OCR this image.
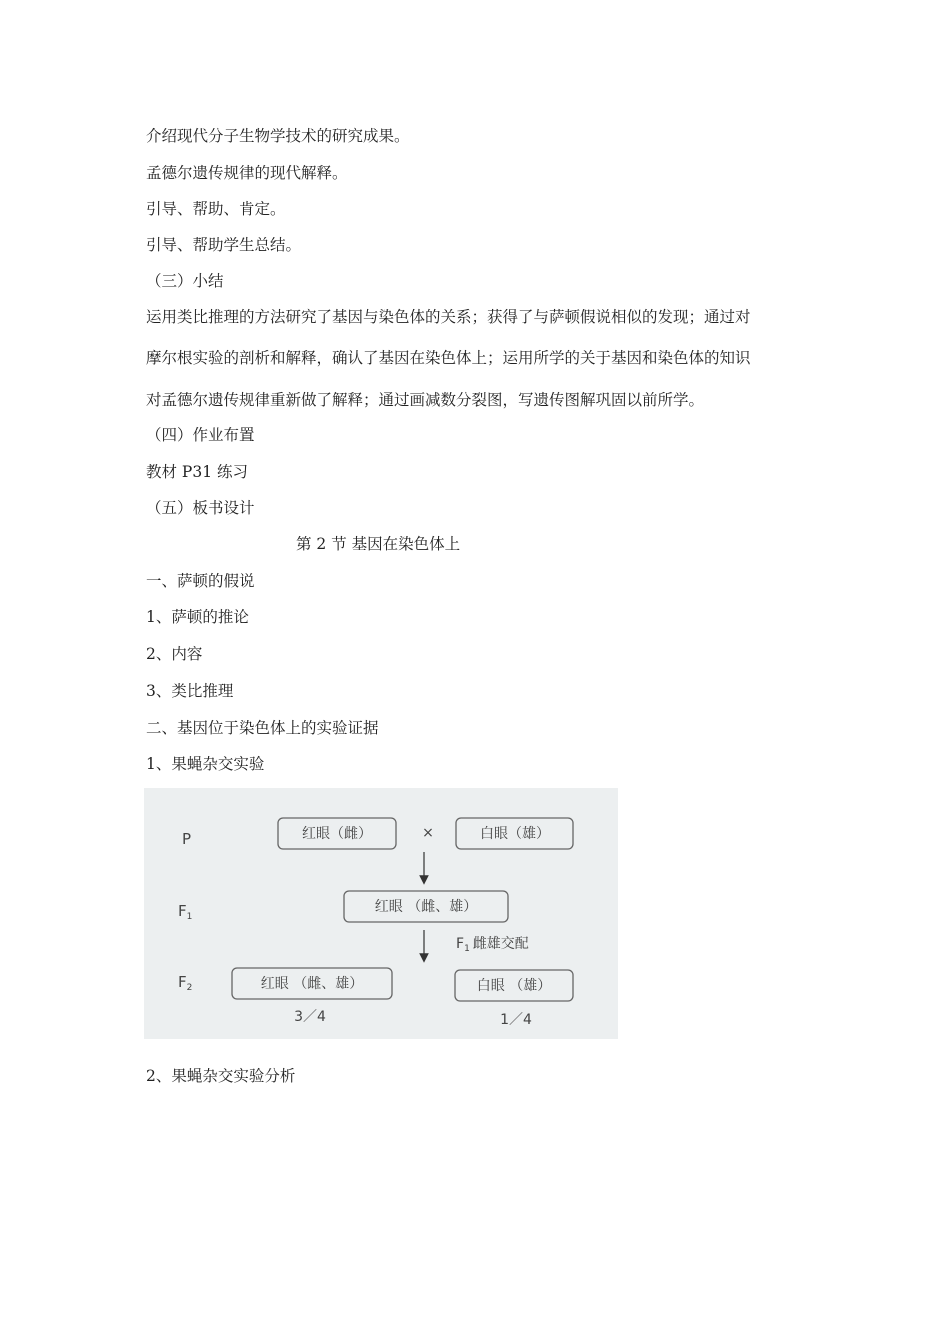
介绍现代分子生物学技术的研究成果。

孟德尔遗传规律的现代解释。

引导、帮助、肯定。

引导、帮助学生总结。

（三）小结

运用类比推理的方法研究了基因与染色体的关系；获得了与萨顿假说相似的发现；通过对

摩尔根实验的剖析和解释，确认了基因在染色体上；运用所学的关于基因和染色体的知识

对孟德尔遗传规律重新做了解释；通过画减数分裂图，写遗传图解巩固以前所学。

（四）作业布置

教材 P31 练习

（五）板书设计

第 2 节 基因在染色体上

一、萨顿的假说

1、萨顿的推论

2、内容

3、类比推理

二、基因位于染色体上的实验证据

1、果蝇杂交实验

P
$F_1$
$F_2$
红眼（雌）	×	白眼（雄）
红眼 （雌、雄）
$F_1$ 雌雄交配
红眼 （雌、雄）	白眼 （雄）
3／4	1／4

2、果蝇杂交实验分析
